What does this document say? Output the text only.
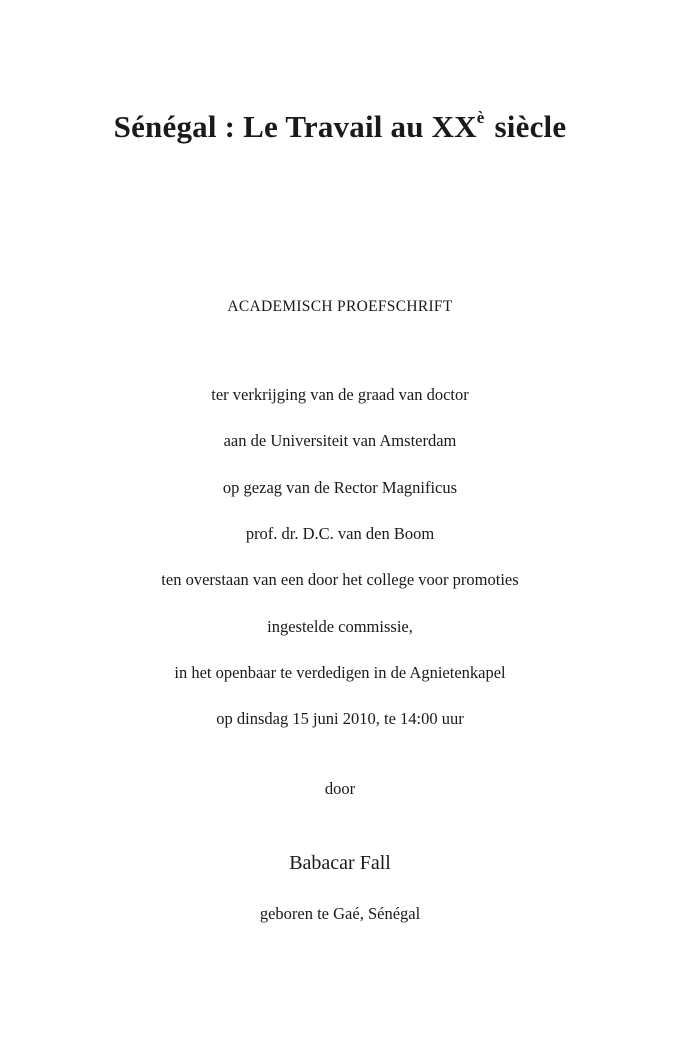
Sénégal : Le Travail au $XX^è$ siècle
ACADEMISCH PROEFSCHRIFT
ter verkrijging van de graad van doctor
aan de Universiteit van Amsterdam
op gezag van de Rector Magnificus
prof. dr. D.C. van den Boom
ten overstaan van een door het college voor promoties
ingestelde commissie,
in het openbaar te verdedigen in de Agnietenkapel
op dinsdag 15 juni 2010, te 14:00 uur
door
Babacar Fall
geboren te Gaé, Sénégal
